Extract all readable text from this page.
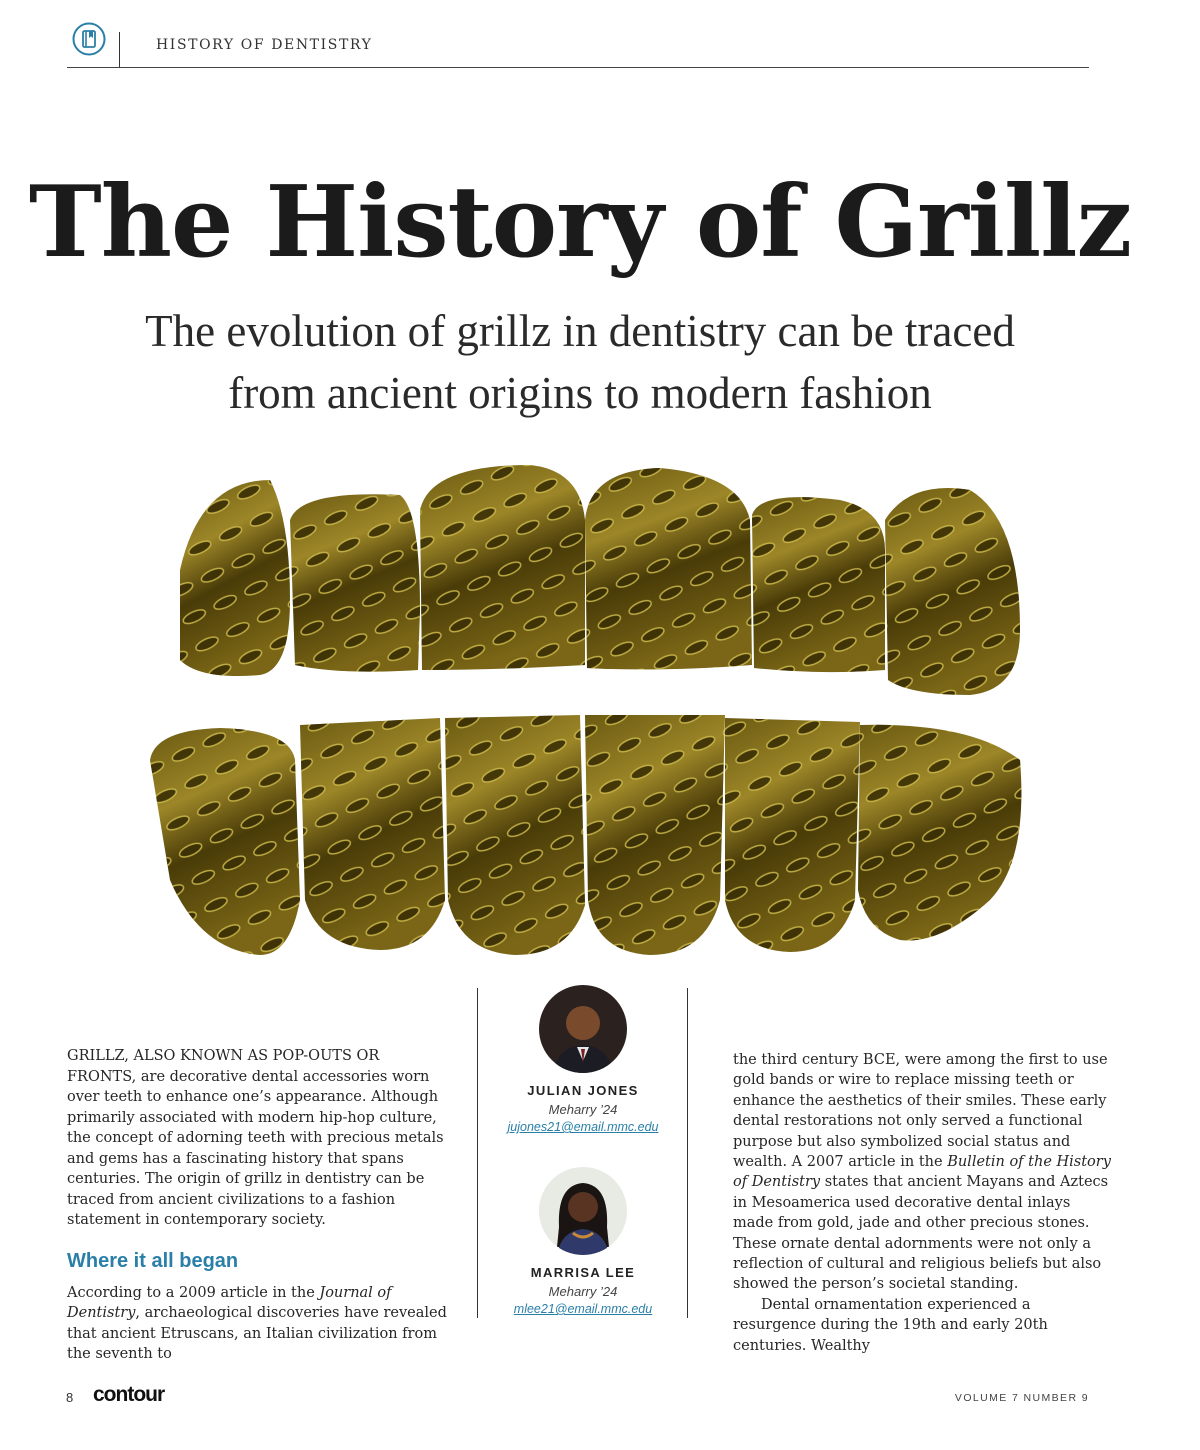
HISTORY OF DENTISTRY
The History of Grillz
The evolution of grillz in dentistry can be traced
from ancient origins to modern fashion

GRILLZ, ALSO KNOWN AS POP-OUTS OR FRONTS, are decorative dental accessories worn over teeth to enhance one’s appearance. Although primarily associated with modern hip-hop culture, the concept of adorning teeth with precious metals and gems has a fascinating history that spans centuries. The origin of grillz in dentistry can be traced from ancient civilizations to a fashion statement in contemporary society.

Where it all began

According to a 2009 article in the Journal of Dentistry, archaeological discoveries have revealed that ancient Etruscans, an Italian civilization from the seventh to

JULIAN JONES
Meharry ’24
jujones21@email.mmc.edu
MARRISA LEE
Meharry ’24
mlee21@email.mmc.edu

the third century BCE, were among the first to use gold bands or wire to replace missing teeth or enhance the aesthetics of their smiles. These early dental restorations not only served a functional purpose but also symbolized social status and wealth. A 2007 article in the Bulletin of the History of Dentistry states that ancient Mayans and Aztecs in Mesoamerica used decorative dental inlays made from gold, jade and other precious stones. These ornate dental adornments were not only a reflection of cultural and religious beliefs but also showed the person’s societal standing.

Dental ornamentation experienced a resurgence during the 19th and early 20th centuries. Wealthy

8 contour	VOLUME 7 NUMBER 9
